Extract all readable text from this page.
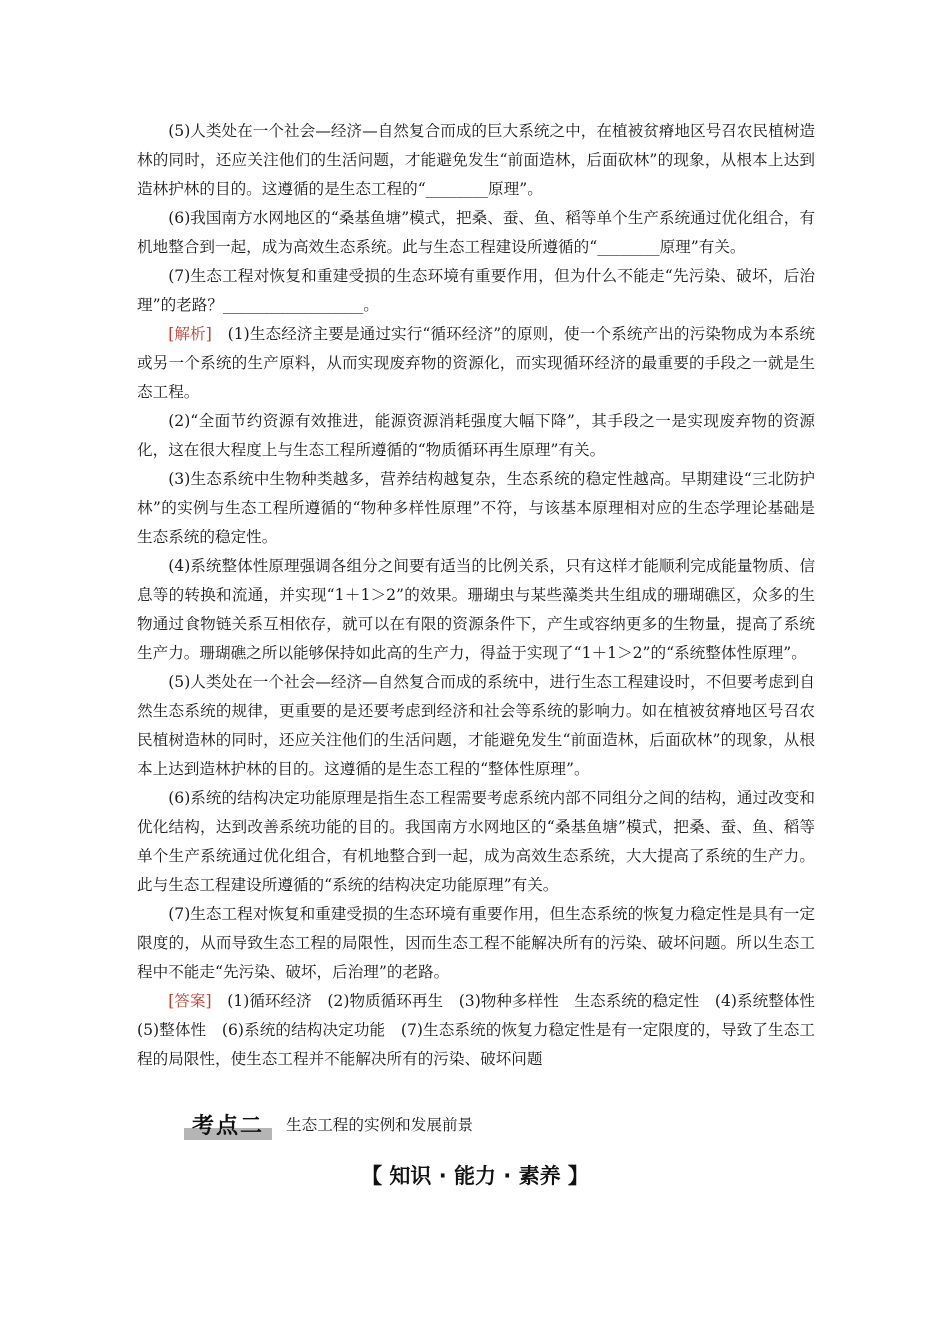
(5)人类处在一个社会—经济—自然复合而成的巨大系统之中，在植被贫瘠地区号召农民植树造林的同时，还应关注他们的生活问题，才能避免发生“前面造林，后面砍林”的现象，从根本上达到造林护林的目的。这遵循的是生态工程的“________原理”。

(6)我国南方水网地区的“桑基鱼塘”模式，把桑、蚕、鱼、稻等单个生产系统通过优化组合，有机地整合到一起，成为高效生态系统。此与生态工程建设所遵循的“________原理”有关。

(7)生态工程对恢复和重建受损的生态环境有重要作用，但为什么不能走“先污染、破坏，后治理”的老路？__________________。

[解析]　(1)生态经济主要是通过实行“循环经济”的原则，使一个系统产出的污染物成为本系统或另一个系统的生产原料，从而实现废弃物的资源化，而实现循环经济的最重要的手段之一就是生态工程。

(2)“全面节约资源有效推进，能源资源消耗强度大幅下降”，其手段之一是实现废弃物的资源化，这在很大程度上与生态工程所遵循的“物质循环再生原理”有关。

(3)生态系统中生物种类越多，营养结构越复杂，生态系统的稳定性越高。早期建设“三北防护林”的实例与生态工程所遵循的“物种多样性原理”不符，与该基本原理相对应的生态学理论基础是生态系统的稳定性。

(4)系统整体性原理强调各组分之间要有适当的比例关系，只有这样才能顺利完成能量物质、信息等的转换和流通，并实现“1＋1＞2”的效果。珊瑚虫与某些藻类共生组成的珊瑚礁区，众多的生物通过食物链关系互相依存，就可以在有限的资源条件下，产生或容纳更多的生物量，提高了系统生产力。珊瑚礁之所以能够保持如此高的生产力，得益于实现了“1＋1＞2”的“系统整体性原理”。

(5)人类处在一个社会—经济—自然复合而成的系统中，进行生态工程建设时，不但要考虑到自然生态系统的规律，更重要的是还要考虑到经济和社会等系统的影响力。如在植被贫瘠地区号召农民植树造林的同时，还应关注他们的生活问题，才能避免发生“前面造林，后面砍林”的现象，从根本上达到造林护林的目的。这遵循的是生态工程的“整体性原理”。

(6)系统的结构决定功能原理是指生态工程需要考虑系统内部不同组分之间的结构，通过改变和优化结构，达到改善系统功能的目的。我国南方水网地区的“桑基鱼塘”模式，把桑、蚕、鱼、稻等单个生产系统通过优化组合，有机地整合到一起，成为高效生态系统，大大提高了系统的生产力。此与生态工程建设所遵循的“系统的结构决定功能原理”有关。

(7)生态工程对恢复和重建受损的生态环境有重要作用，但生态系统的恢复力稳定性是具有一定限度的，从而导致生态工程的局限性，因而生态工程不能解决所有的污染、破坏问题。所以生态工程中不能走“先污染、破坏，后治理”的老路。

[答案]　(1)循环经济　(2)物质循环再生　(3)物种多样性　生态系统的稳定性　(4)系统整体性　(5)整体性　(6)系统的结构决定功能　(7)生态系统的恢复力稳定性是有一定限度的，导致了生态工程的局限性，使生态工程并不能解决所有的污染、破坏问题

考点二	生态工程的实例和发展前景
【 知识 · 能力 · 素养 】
